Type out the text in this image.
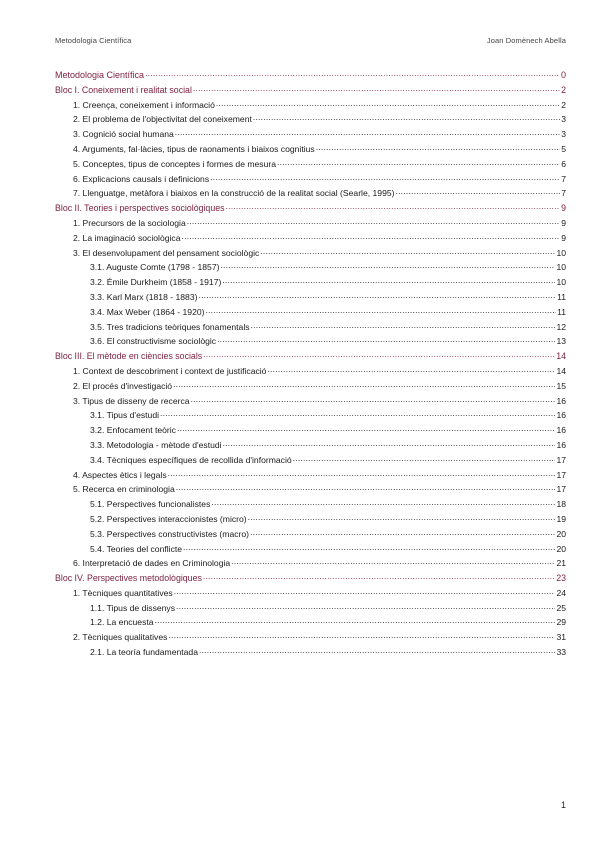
Metodologia Científica	Joan Domènech Abella
Metodologia Científica .....	0
Bloc I. Coneixement i realitat social .....	2
1. Creença, coneixement i informació .....	2
2. El problema de l'objectivitat del coneixement .....	3
3. Cognició social humana .....	3
4. Arguments, fal·làcies, tipus de raonaments i biaixos cognitius .....	5
5. Conceptes, tipus de conceptes i formes de mesura .....	6
6. Explicacions causals i definicions .....	7
7. Llenguatge, metàfora i biaixos en la construcció de la realitat social (Searle, 1995) .....	7
Bloc II. Teories i perspectives sociològiques .....	9
1. Precursors de la sociologia .....	9
2. La imaginació sociològica .....	9
3. El desenvolupament del pensament sociològic .....	10
3.1. Auguste Comte (1798 - 1857) .....	10
3.2. Émile Durkheim (1858 - 1917) .....	10
3.3. Karl Marx (1818 - 1883) .....	11
3.4. Max Weber (1864 - 1920) .....	11
3.5. Tres tradicions teòriques fonamentals .....	12
3.6. El constructivisme sociològic .....	13
Bloc III. El mètode en ciències socials .....	14
1. Context de descobriment i context de justificació .....	14
2. El procés d'investigació .....	15
3. Tipus de disseny de recerca .....	16
3.1. Tipus d'estudi .....	16
3.2. Enfocament teòric .....	16
3.3. Metodologia - mètode d'estudi .....	16
3.4. Tècniques específiques de recollida d'informació .....	17
4. Aspectes ètics i legals .....	17
5. Recerca en criminologia .....	17
5.1. Perspectives funcionalistes .....	18
5.2. Perspectives interaccionistes (micro) .....	19
5.3. Perspectives constructivistes (macro) .....	20
5.4. Teories del conflicte .....	20
6. Interpretació de dades en Criminologia .....	21
Bloc IV. Perspectives metodològiques .....	23
1. Tècniques quantitatives .....	24
1.1. Tipus de dissenys .....	25
1.2. La encuesta .....	29
2. Tècniques qualitatives .....	31
2.1. La teoría fundamentada .....	33
1
